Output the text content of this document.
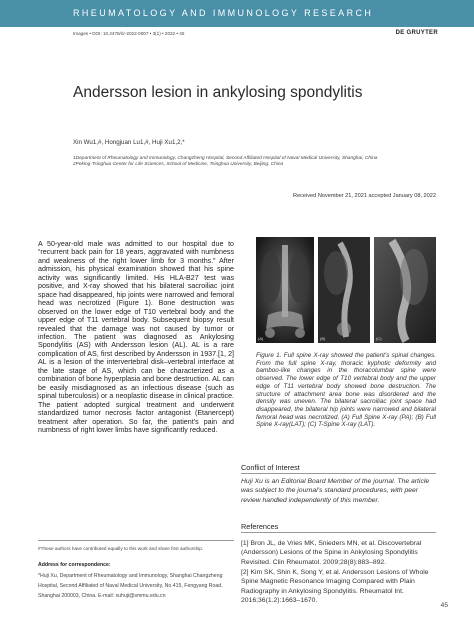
RHEUMATOLOGY AND IMMUNOLOGY RESEARCH
Images • DOI: 10.2478/rir-2022-0007 • 3(1) • 2022 • 45	DE GRUYTER
Andersson lesion in ankylosing spondylitis
Xin Wu1,#, Hongjuan Lu1,#, Huji Xu1,2,*
1Department of Rheumatology and Immunology, Changzheng Hospital, Second Affiliated Hospital of Naval Medical University, Shanghai, China
2Peking-Tsinghua Center for Life Sciences, School of Medicine, Tsinghua University, Beijing, China
Received November 21, 2021 accepted January 08, 2022
A 50-year-old male was admitted to our hospital due to “recurrent back pain for 18 years, aggravated with numbness and weakness of the right lower limb for 3 months.” After admission, his physical examination showed that his spine activity was significantly limited. His HLA-B27 test was positive, and X-ray showed that his bilateral sacroiliac joint space had disappeared, hip joints were narrowed and femoral head was necrotized (Figure 1). Bone destruction was observed on the lower edge of T10 vertebral body and the upper edge of T11 vertebral body. Subsequent biopsy result revealed that the damage was not caused by tumor or infection. The patient was diagnosed as Ankylosing Spondylitis (AS) with Andersson lesion (AL). AL is a rare complication of AS, first described by Andersson in 1937.[1, 2] AL is a lesion of the intervertebral disk–vertebral interface at the late stage of AS, which can be characterized as a combination of bone hyperplasia and bone destruction. AL can be easily misdiagnosed as an infectious disease (such as spinal tuberculosis) or a neoplastic disease in clinical practice. The patient adopted surgical treatment and underwent standardized tumor necrosis factor antagonist (Etanercept) treatment after operation. So far, the patient’s pain and numbness of right lower limbs have significantly reduced.
(A)	(B)	(C)
Figure 1. Full spine X-ray showed the patient’s spinal changes. From the full spine X-ray, thoracic kyphotic deformity and bamboo-like changes in the thoracolumbar spine were observed. The lower edge of T10 vertebral body and the upper edge of T11 vertebral body showed bone destruction. The structure of attachment area bone was disordered and the density was uneven. The bilateral sacroiliac joint space had disappeared, the bilateral hip joints were narrowed and bilateral femoral head was necrotized. (A) Full Spine X-ray (PA); (B) Full Spine X-ray(LAT); (C) T-Spine X-ray (LAT).
Conflict of Interest
Huji Xu is an Editorial Board Member of the journal. The article was subject to the journal’s standard procedures, with peer review handled independently of this member.
References
[1] Bron JL, de Vries MK, Snieders MN, et al. Discovertebral (Andersson) Lesions of the Spine in Ankylosing Spondylitis Revisited. Clin Rheumatol. 2009;28(8):883–892.
[2] Kim SK, Shin K, Song Y, et al. Andersson Lesions of Whole Spine Magnetic Resonance Imaging Compared with Plain Radiography in Ankylosing Spondylitis. Rheumatol Int. 2016;36(1.2):1663–1670.
#These authors have contributed equally to this work and share first authorship.
Address for correspondence:
*Huji Xu, Department of Rheumatology and Immunology, Shanghai Changzheng Hospital, Second Affiliated of Naval Medical University, No.415, Fengyang Road, Shanghai 200003, China. E-mail: xuhuji@smmu.edu.cn
45
